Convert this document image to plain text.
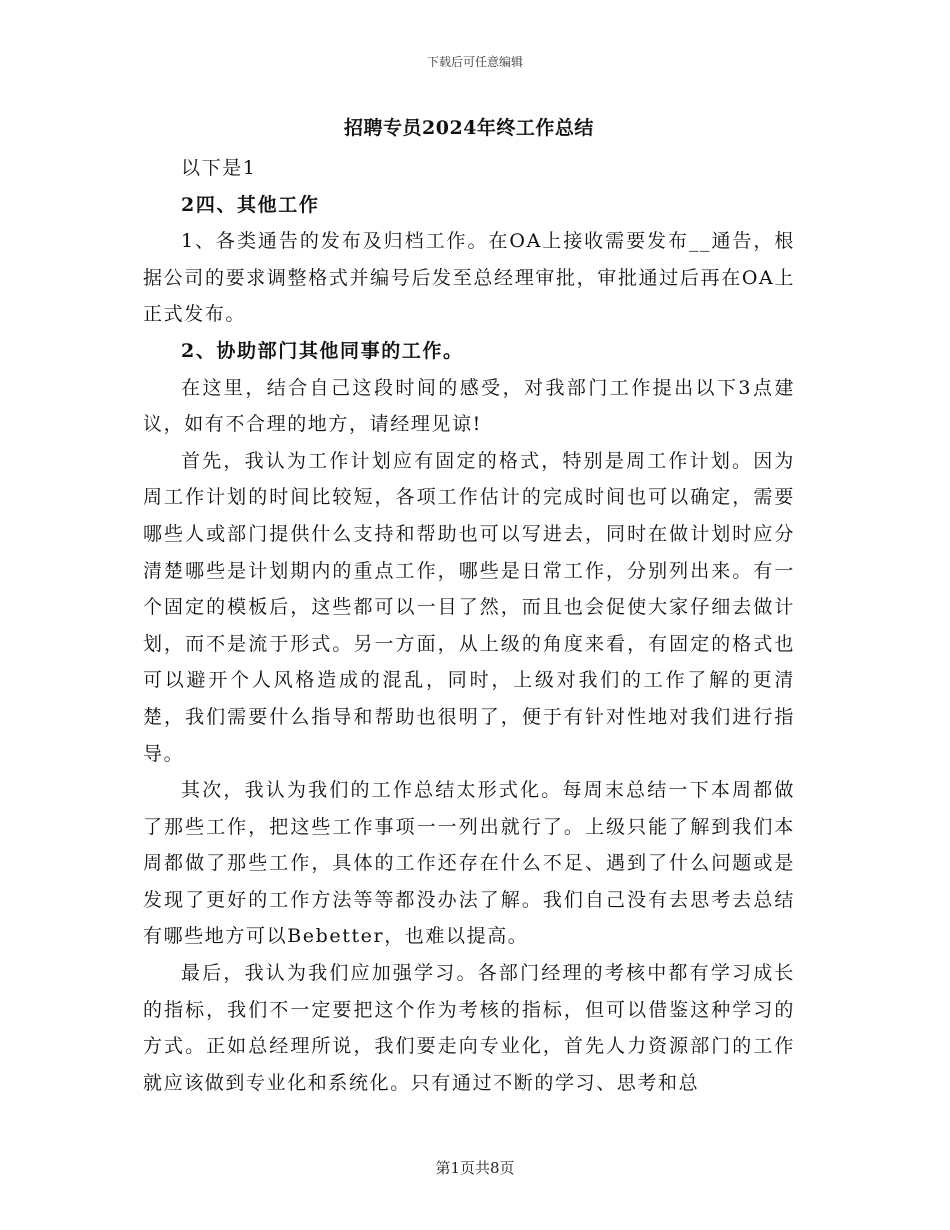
下载后可任意编辑
招聘专员2024年终工作总结

以下是1

2四、其他工作

1、各类通告的发布及归档工作。在OA上接收需要发布__通告，根据公司的要求调整格式并编号后发至总经理审批，审批通过后再在OA上正式发布。

2、协助部门其他同事的工作。

在这里，结合自己这段时间的感受，对我部门工作提出以下3点建议，如有不合理的地方，请经理见谅!

首先，我认为工作计划应有固定的格式，特别是周工作计划。因为周工作计划的时间比较短，各项工作估计的完成时间也可以确定，需要哪些人或部门提供什么支持和帮助也可以写进去，同时在做计划时应分清楚哪些是计划期内的重点工作，哪些是日常工作，分别列出来。有一个固定的模板后，这些都可以一目了然，而且也会促使大家仔细去做计划，而不是流于形式。另一方面，从上级的角度来看，有固定的格式也可以避开个人风格造成的混乱，同时，上级对我们的工作了解的更清楚，我们需要什么指导和帮助也很明了，便于有针对性地对我们进行指导。

其次，我认为我们的工作总结太形式化。每周末总结一下本周都做了那些工作，把这些工作事项一一列出就行了。上级只能了解到我们本周都做了那些工作，具体的工作还存在什么不足、遇到了什么问题或是发现了更好的工作方法等等都没办法了解。我们自己没有去思考去总结有哪些地方可以Bebetter，也难以提高。

最后，我认为我们应加强学习。各部门经理的考核中都有学习成长的指标，我们不一定要把这个作为考核的指标，但可以借鉴这种学习的方式。正如总经理所说，我们要走向专业化，首先人力资源部门的工作就应该做到专业化和系统化。只有通过不断的学习、思考和总

第1页共8页
